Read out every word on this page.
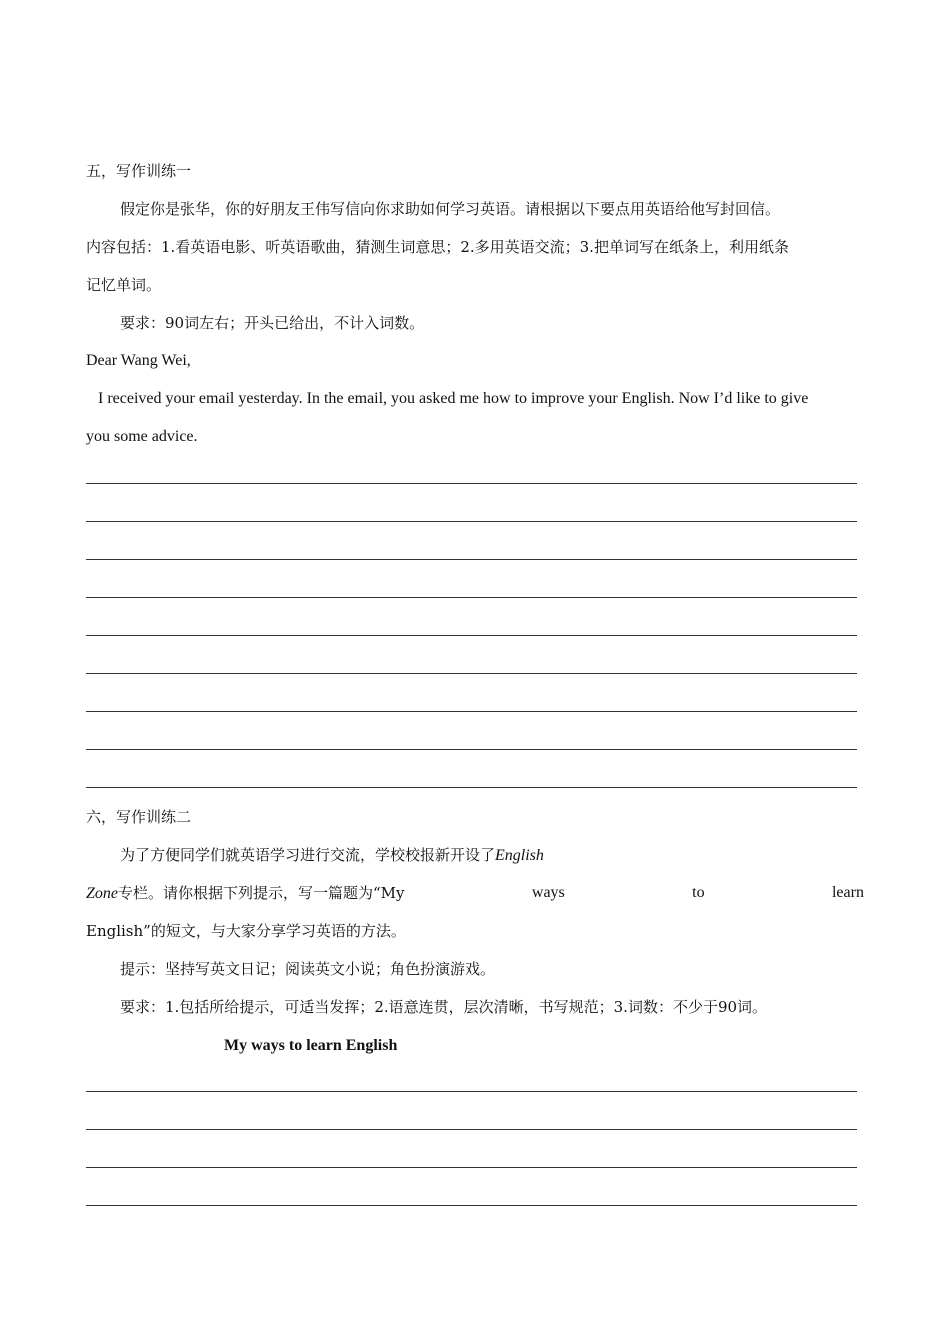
五，写作训练一
假定你是张华，你的好朋友王伟写信向你求助如何学习英语。请根据以下要点用英语给他写封回信。
内容包括：1.看英语电影、听英语歌曲，猜测生词意思；2.多用英语交流；3.把单词写在纸条上，利用纸条
记忆单词。
要求：90词左右；开头已给出，不计入词数。
Dear Wang Wei,
I received your email yesterday. In the email, you asked me how to improve your English. Now I’d like to give
you some advice.
六，写作训练二
为了方便同学们就英语学习进行交流，学校校报新开设了English
Zone专栏。请你根据下列提示，写一篇题为“My	ways	to	learn
English”的短文，与大家分享学习英语的方法。
提示：坚持写英文日记；阅读英文小说；角色扮演游戏。
要求：1.包括所给提示，可适当发挥；2.语意连贯，层次清晰，书写规范；3.词数：不少于90词。
My ways to learn English
